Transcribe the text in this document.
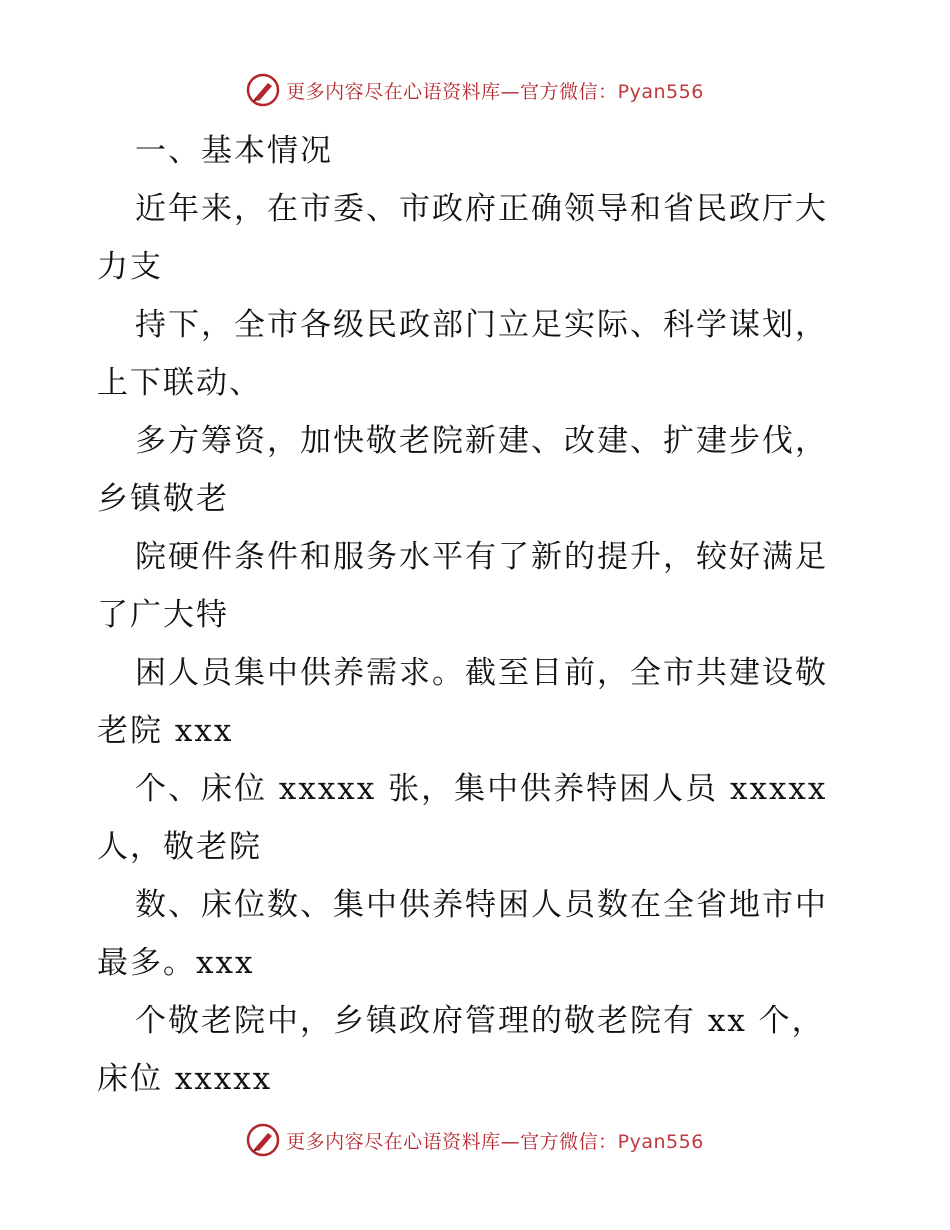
更多内容尽在心语资料库—官方微信：Pyan556
一、基本情况
近年来，在市委、市政府正确领导和省民政厅大
力支
持下，全市各级民政部门立足实际、科学谋划，
上下联动、
多方筹资，加快敬老院新建、改建、扩建步伐，
乡镇敬老
院硬件条件和服务水平有了新的提升，较好满足
了广大特
困人员集中供养需求。截至目前，全市共建设敬
老院 xxx
个、床位 xxxxx 张，集中供养特困人员 xxxxx
人，敬老院
数、床位数、集中供养特困人员数在全省地市中
最多。xxx
个敬老院中，乡镇政府管理的敬老院有 xx 个，
床位 xxxxx
更多内容尽在心语资料库—官方微信：Pyan556
